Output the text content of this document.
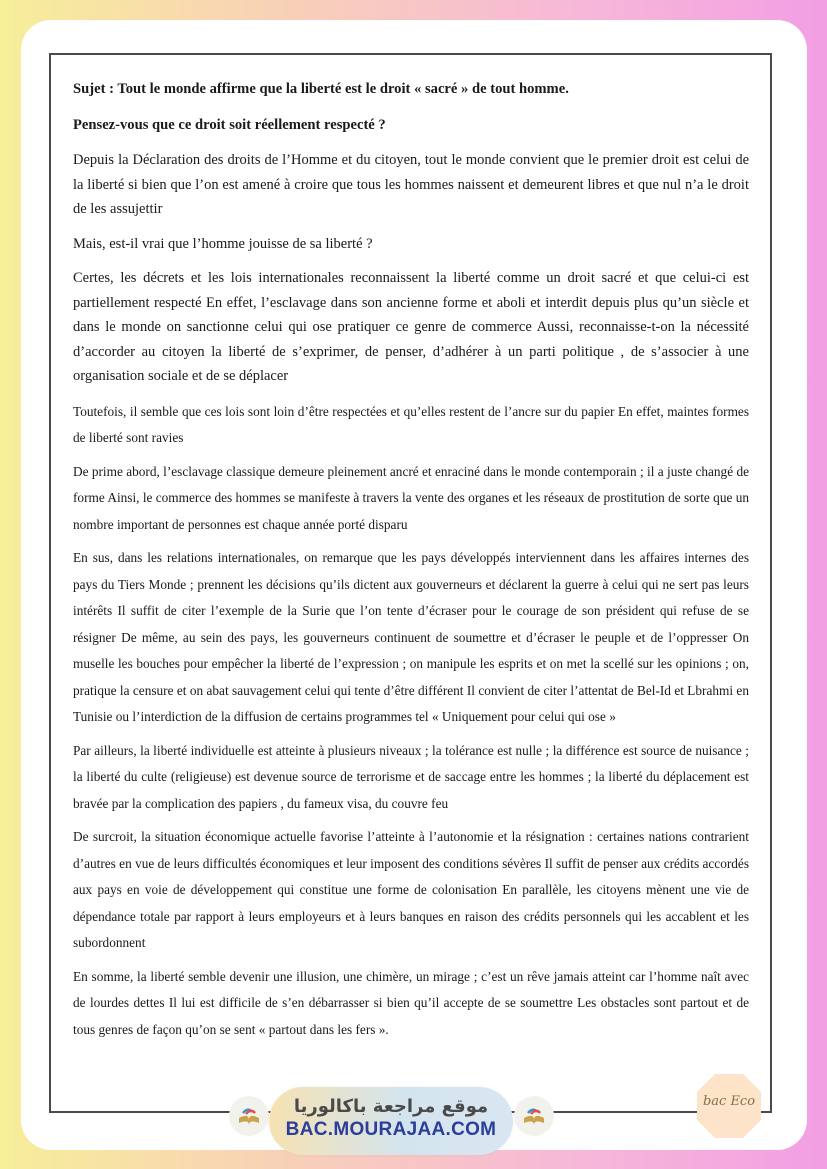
Sujet : Tout le monde affirme que la liberté est le droit « sacré » de tout homme.

Pensez-vous que ce droit soit réellement respecté ?

Depuis la Déclaration des droits de l’Homme et du citoyen, tout le monde convient que le premier droit est celui de la liberté si bien que l’on est amené à croire que tous les hommes naissent et demeurent libres et que nul n’a le droit de les assujettir

Mais, est-il vrai que l’homme jouisse de sa liberté ?

Certes, les décrets et les lois internationales reconnaissent la liberté comme un droit sacré et que celui-ci est partiellement respecté En effet, l’esclavage dans son ancienne forme et aboli et interdit depuis plus qu’un siècle et dans le monde on sanctionne celui qui ose pratiquer ce genre de commerce Aussi, reconnaisse-t-on la nécessité d’accorder au citoyen la liberté de s’exprimer, de penser, d’adhérer à un parti politique , de s’associer à une organisation sociale et de se déplacer

Toutefois, il semble que ces lois sont loin d’être respectées et qu’elles restent de l’ancre sur du papier En effet, maintes formes de liberté sont ravies

De prime abord, l’esclavage classique demeure pleinement ancré et enraciné dans le monde contemporain ; il a juste changé de forme Ainsi, le commerce des hommes se manifeste à travers la vente des organes et les réseaux de prostitution de sorte que un nombre important de personnes est chaque année porté disparu

En sus, dans les relations internationales, on remarque que les pays développés interviennent dans les affaires internes des pays du Tiers Monde ; prennent les décisions qu’ils dictent aux gouverneurs et déclarent la guerre à celui qui ne sert pas leurs intérêts Il suffit de citer l’exemple de la Surie que l’on tente d’écraser pour le courage de son président qui refuse de se résigner De même, au sein des pays, les gouverneurs continuent de soumettre et d’écraser le peuple et de l’oppresser On muselle les bouches pour empêcher la liberté de l’expression ; on manipule les esprits et on met la scellé sur les opinions ; on, pratique la censure et on abat sauvagement celui qui tente d’être différent Il convient de citer l’attentat de Bel-Id et Lbrahmi en Tunisie ou l’interdiction de la diffusion de certains programmes tel « Uniquement pour celui qui ose »

Par ailleurs, la liberté individuelle est atteinte à plusieurs niveaux ; la tolérance est nulle ; la différence est source de nuisance ; la liberté du culte (religieuse) est devenue source de terrorisme et de saccage entre les hommes ; la liberté du déplacement est bravée par la complication des papiers , du fameux visa, du couvre feu

De surcroit, la situation économique actuelle favorise l’atteinte à l’autonomie et la résignation : certaines nations contrarient d’autres en vue de leurs difficultés économiques et leur imposent des conditions sévères Il suffit de penser aux crédits accordés aux pays en voie de développement qui constitue une forme de colonisation En parallèle, les citoyens mènent une vie de dépendance totale par rapport à leurs employeurs et à leurs banques en raison des crédits personnels qui les accablent et les subordonnent

En somme, la liberté semble devenir une illusion, une chimère, un mirage ; c’est un rêve jamais atteint car l’homme naît avec de lourdes dettes Il lui est difficile de s’en débarrasser si bien qu’il accepte de se soumettre Les obstacles sont partout et de tous genres de façon qu’on se sent « partout dans les fers ».

موقع مراجعة باكالوريا
BAC.MOURAJAA.COM
bac Eco
